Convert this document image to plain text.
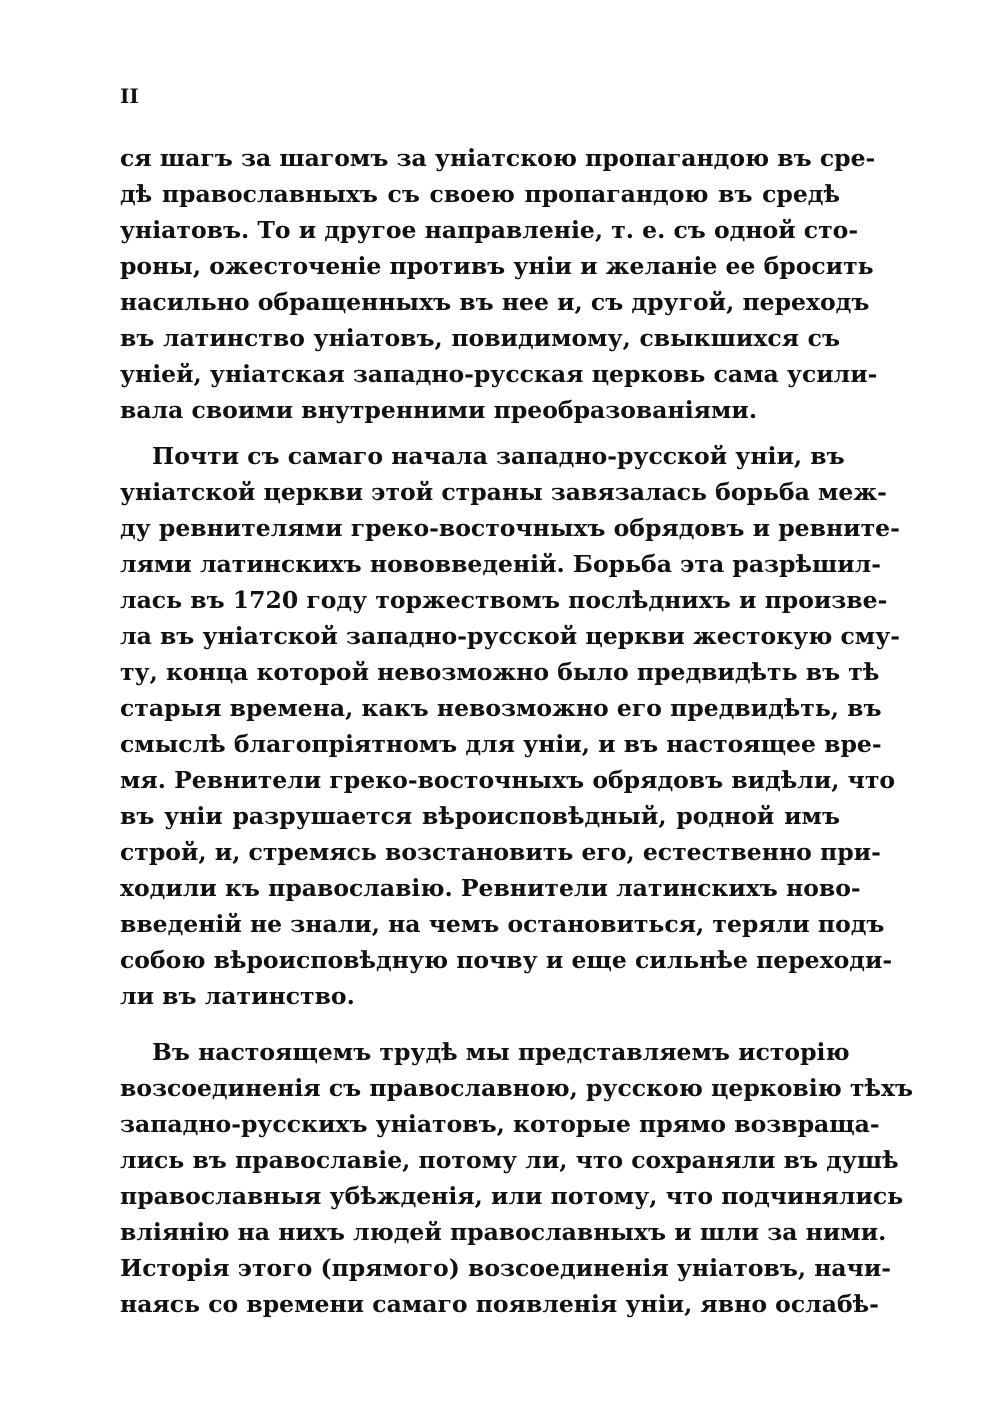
II
ся шагъ за шагомъ за уніатскою пропагандою въ сре-
дѣ православныхъ съ своею пропагандою въ средѣ
уніатовъ. То и другое направленіе, т. е. съ одной сто-
роны, ожесточеніе противъ уніи и желаніе ее бросить
насильно обращенныхъ въ нее и, съ другой, переходъ
въ латинство уніатовъ, повидимому, свыкшихся съ
уніей, уніатская западно-русская церковь сама усили-
вала своими внутренними преобразованіями.
Почти съ самаго начала западно-русской уніи, въ
уніатской церкви этой страны завязалась борьба меж-
ду ревнителями греко-восточныхъ обрядовъ и ревните-
лями латинскихъ нововведеній. Борьба эта разрѣшил-
лась въ 1720 году торжествомъ послѣднихъ и произве-
ла въ уніатской западно-русской церкви жестокую сму-
ту, конца которой невозможно было предвидѣть въ тѣ
старыя времена, какъ невозможно его предвидѣть, въ
смыслѣ благопріятномъ для уніи, и въ настоящее вре-
мя. Ревнители греко-восточныхъ обрядовъ видѣли, что
въ уніи разрушается вѣроисповѣдный, родной имъ
строй, и, стремясь возстановить его, естественно при-
ходили къ православію. Ревнители латинскихъ ново-
введеній не знали, на чемъ остановиться, теряли подъ
собою вѣроисповѣдную почву и еще сильнѣе переходи-
ли въ латинство.
Въ настоящемъ трудѣ мы представляемъ исторію
возсоединенія съ православною, русскою церковію тѣхъ
западно-русскихъ уніатовъ, которые прямо возвраща-
лись въ православіе, потому ли, что сохраняли въ душѣ
православныя убѣжденія, или потому, что подчинялись
вліянію на нихъ людей православныхъ и шли за ними.
Исторія этого (прямого) возсоединенія уніатовъ, начи-
наясь со времени самаго появленія уніи, явно ослабѣ-
